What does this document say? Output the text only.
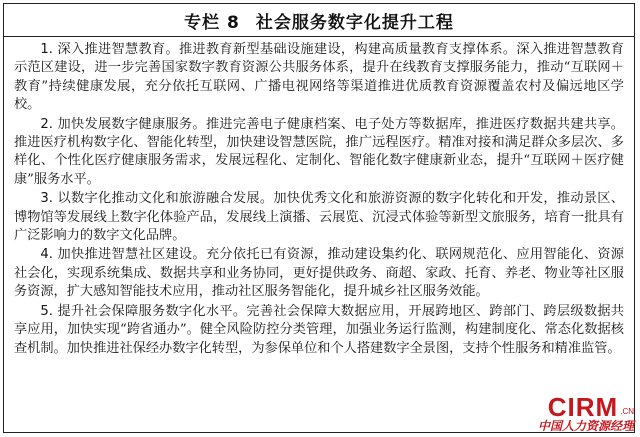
专栏 8 社会服务数字化提升工程

1. 深入推进智慧教育。推进教育新型基础设施建设，构建高质量教育支撑体系。深入推进智慧教育示范区建设，进一步完善国家数字教育资源公共服务体系，提升在线教育支撑服务能力，推动“互联网＋教育”持续健康发展，充分依托互联网、广播电视网络等渠道推进优质教育资源覆盖农村及偏远地区学校。

2. 加快发展数字健康服务。推进完善电子健康档案、电子处方等数据库，推进医疗数据共建共享。推进医疗机构数字化、智能化转型，加快建设智慧医院，推广远程医疗。精准对接和满足群众多层次、多样化、个性化医疗健康服务需求，发展远程化、定制化、智能化数字健康新业态，提升“互联网＋医疗健康”服务水平。

3. 以数字化推动文化和旅游融合发展。加快优秀文化和旅游资源的数字化转化和开发，推动景区、博物馆等发展线上数字化体验产品，发展线上演播、云展览、沉浸式体验等新型文旅服务，培育一批具有广泛影响力的数字文化品牌。

4. 加快推进智慧社区建设。充分依托已有资源，推动建设集约化、联网规范化、应用智能化、资源社会化，实现系统集成、数据共享和业务协同，更好提供政务、商超、家政、托育、养老、物业等社区服务资源，扩大感知智能技术应用，推动社区服务智能化，提升城乡社区服务效能。

5. 提升社会保障服务数字化水平。完善社会保障大数据应用，开展跨地区、跨部门、跨层级数据共享应用，加快实现“跨省通办”。健全风险防控分类管理，加强业务运行监测，构建制度化、常态化数据核查机制。加快推进社保经办数字化转型，为参保单位和个人搭建数字全景图，支持个性服务和精准监管。

CIRM .CN
中国人力资源经理
